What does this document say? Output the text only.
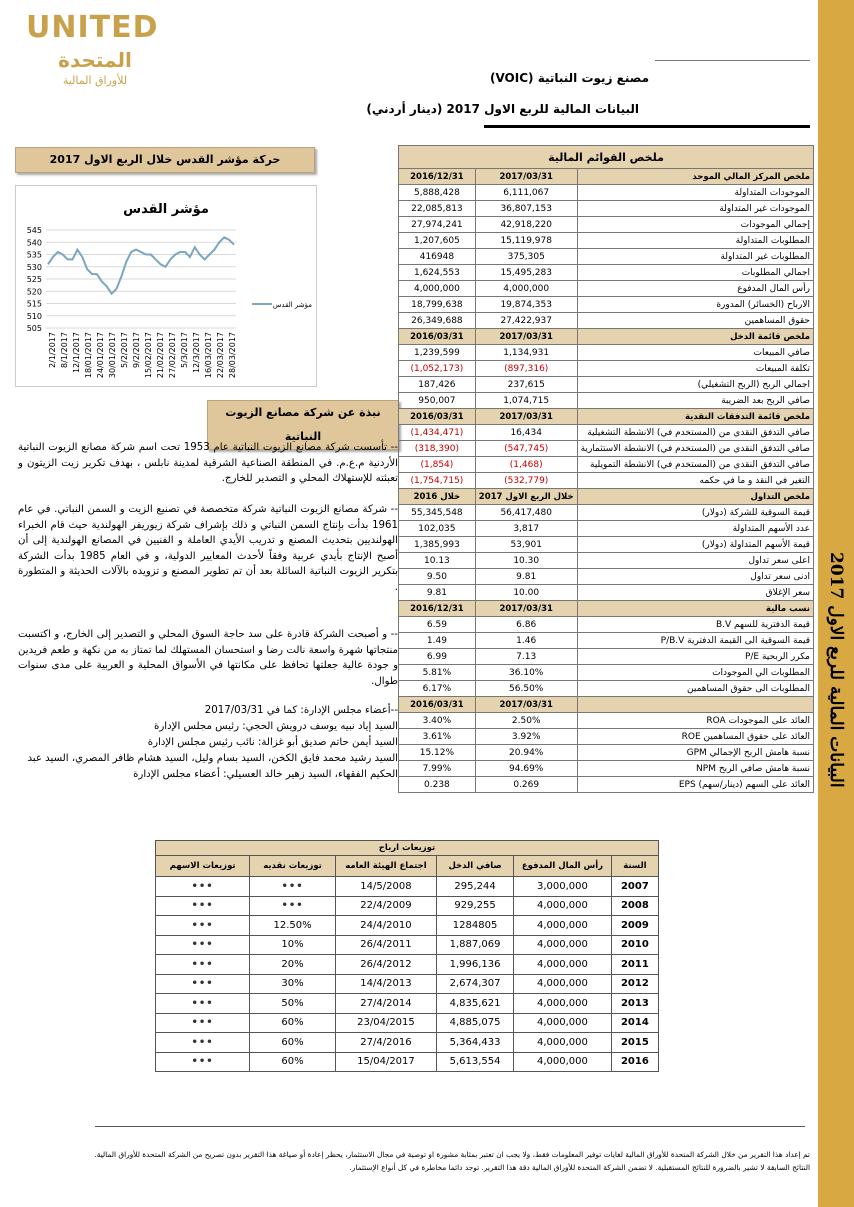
البيانات المالية للربع الاول 2017
UNITED
المتحدة
للأوراق المالية	مصنع زيوت النباتية (VOIC)
البيانات المالية للربع الاول 2017 (دينار أردني)
حركة مؤشر القدس خلال الربع الاول 2017
مؤشر القدس
505
510
515
520
525
530
535
540
545
2/1/2017 8/1/2017 12/1/2017 18/01/2017 24/01/2017 30/01/2017 5/2/2017 9/2/2017 15/02/2017 21/02/2017 27/02/2017 5/3/2017 12/3/2017 16/03/2017 22/03/2017 28/03/2017
مؤشر القدس
نبذة عن شركة مصانع الزيوت النباتية
-- تأسست شركة مصانع الزيوت النباتية عام 1953 تحت اسم شركة مصانع الزيوت النباتية الأردنية م.ع.م. في المنطقة الصناعية الشرقية لمدينة نابلس ، بهدف تكرير زيت الزيتون و تعبئته للإستهلاك المحلي و التصدير للخارج.
-- شركة مصانع الزيوت النباتية شركة متخصصة في تصنيع الزيت و السمن النباتي. في عام 1961 بدأت بإنتاج السمن النباتي و ذلك بإشراف شركة زيوريفر الهولندية حيث قام الخبراء الهولنديين بتحديث المصنع و تدريب الأيدي العاملة و الفنيين في المصانع الهولندية إلى أن أصبح الإنتاج بأيدي عربية وفقاً لأحدث المعايير الدولية، و في العام 1985 بدأت الشركة بتكرير الزيوت النباتية السائلة بعد أن تم تطوير المصنع و تزويده بالآلات الحديثة و المتطورة .
-- و أصبحت الشركة قادرة على سد حاجة السوق المحلي و التصدير إلى الخارج، و اكتسبت منتجاتها شهرة واسعة نالت رضا و استحسان المستهلك لما تمتاز به من نكهة و طعم فريدين و جودة عالية جعلتها تحافظ على مكانتها في الأسواق المحلية و العربية على مدى سنوات طوال.
--أعضاء مجلس الإدارة: كما في 2017/03/31
السيد إياد نبيه يوسف درويش الحجي: رئيس مجلس الإدارة
السيد أيمن حاتم صديق أبو غزالة: نائب رئيس مجلس الإدارة
السيد رشيد محمد فايق الكخن، السيد بسام وليل، السيد هشام ظافر المصري، السيد عبد الحكيم الفقهاء، السيد زهير خالد العسيلي: أعضاء مجلس الإدارة
ملخص القوائم المالية		
ملخص المركز المالي الموحد	2017/03/31	2016/12/31
الموجودات المتداولة	6,111,067	5,888,428
الموجودات غير المتداولة	36,807,153	22,085,813
إجمالي الموجودات	42,918,220	27,974,241
المطلوبات المتداولة	15,119,978	1,207,605
المطلوبات غير المتداولة	375,305	416948
اجمالي المطلوبات	15,495,283	1,624,553
رأس المال المدفوع	4,000,000	4,000,000
الارباح (الخسائر) المدورة	19,874,353	18,799,638
حقوق المساهمين	27,422,937	26,349,688
ملخص قائمة الدخل	2017/03/31	2016/03/31
صافي المبيعات	1,134,931	1,239,599
تكلفة المبيعات	(897,316)	(1,052,173)
اجمالي الربح (الربح التشغيلي)	237,615	187,426
صافي الربح بعد الضريبة	1,074,715	950,007
ملخص قائمة التدفقات النقدية	2017/03/31	2016/03/31
صافي التدفق النقدي من (المستخدم في) الانشطة التشغيلية	16,434	(1,434,471)
صافي التدفق النقدي من (المستخدم في) الانشطة الاستثمارية	(547,745)	(318,390)
صافي التدفق النقدي من (المستخدم في) الانشطة التمويلية	(1,468)	(1,854)
التغير في النقد و ما في حكمه	(532,779)	(1,754,715)
ملخص التداول	خلال الربع الاول 2017	خلال 2016
قيمة السوقية للشركة (دولار)	56,417,480	55,345,548
عدد الأسهم المتداولة	3,817	102,035
قيمة الأسهم المتداولة (دولار)	53,901	1,385,993
اعلى سعر تداول	10.30	10.13
ادنى سعر تداول	9.81	9.50
سعر الإغلاق	10.00	9.81
نسب مالية	2017/03/31	2016/12/31
قيمة الدفترية للسهم B.V	6.86	6.59
قيمة السوقية الى القيمة الدفترية P/B.V	1.46	1.49
مكرر الربحية P/E	7.13	6.99
المطلوبات الي الموجودات	36.10%	5.81%
المطلوبات الى حقوق المساهمين	56.50%	6.17%
	2017/03/31	2016/03/31
العائد على الموجودات ROA	2.50%	3.40%
العائد على حقوق المساهمين ROE	3.92%	3.61%
نسبة هامش الربح الإجمالي GPM	20.94%	15.12%
نسبة هامش صافي الربح NPM	94.69%	7.99%
العائد على السهم (دينار/سهم) EPS	0.269	0.238
توزيعات ارباح					
السنة	رأس المال المدفوع	صافي الدخل	اجتماع الهيئة العامه	توزيعات نقديه	توزيعات الاسهم
2007	3,000,000	295,244	14/5/2008	•••	•••
2008	4,000,000	929,255	22/4/2009	•••	•••
2009	4,000,000	1284805	24/4/2010	12.50%	•••
2010	4,000,000	1,887,069	26/4/2011	10%	•••
2011	4,000,000	1,996,136	26/4/2012	20%	•••
2012	4,000,000	2,674,307	14/4/2013	30%	•••
2013	4,000,000	4,835,621	27/4/2014	50%	•••
2014	4,000,000	4,885,075	23/04/2015	60%	•••
2015	4,000,000	5,364,433	27/4/2016	60%	•••
2016	4,000,000	5,613,554	15/04/2017	60%	•••
تم إعداد هذا التقرير من خلال الشركة المتحدة للأوراق المالية لغايات توفير المعلومات فقط، ولا يجب ان تعتبر بمثابة مشورة او توصية في مجال الاستثمار، يحظر إعادة أو صياغة هذا التقرير بدون تصريح من الشركة المتحدة للأوراق المالية. النتائج السابقة لا تشير بالضرورة للنتائج المستقبلية. لا تضمن الشركة المتحدة للأوراق المالية دقة هذا التقرير. توجد دائما مخاطرة في كل أنواع الإستثمار.
